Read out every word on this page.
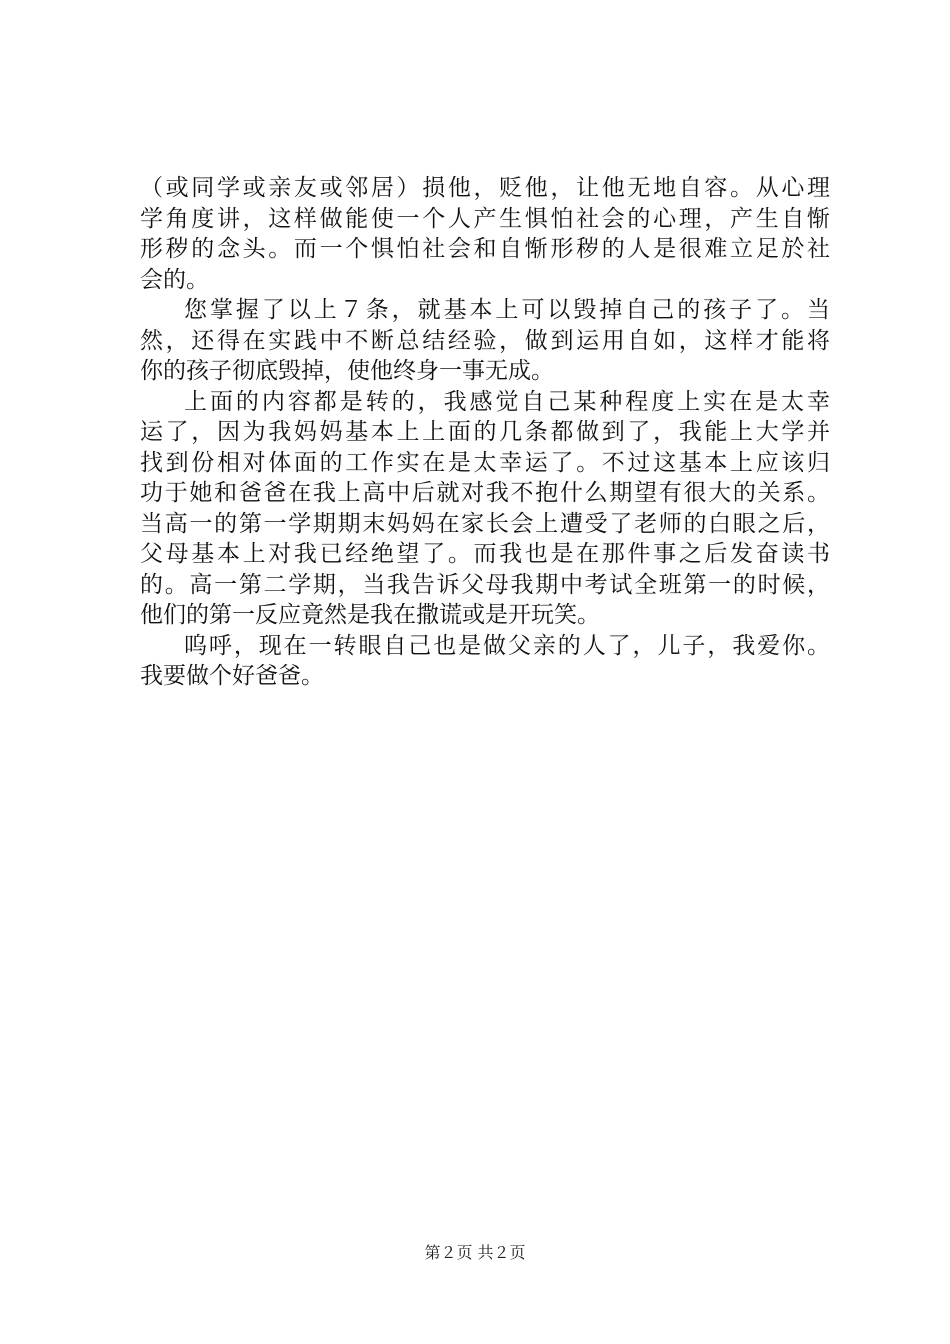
（或同学或亲友或邻居）损他，贬他，让他无地自容。从心理
学角度讲，这样做能使一个人产生惧怕社会的心理，产生自惭
形秽的念头。而一个惧怕社会和自惭形秽的人是很难立足於社
会的。
您掌握了以上７条，就基本上可以毁掉自己的孩子了。当
然，还得在实践中不断总结经验，做到运用自如，这样才能将
你的孩子彻底毁掉，使他终身一事无成。
上面的内容都是转的，我感觉自己某种程度上实在是太幸
运了，因为我妈妈基本上上面的几条都做到了，我能上大学并
找到份相对体面的工作实在是太幸运了。不过这基本上应该归
功于她和爸爸在我上高中后就对我不抱什么期望有很大的关系。
当高一的第一学期期末妈妈在家长会上遭受了老师的白眼之后，
父母基本上对我已经绝望了。而我也是在那件事之后发奋读书
的。高一第二学期，当我告诉父母我期中考试全班第一的时候，
他们的第一反应竟然是我在撒谎或是开玩笑。
呜呼，现在一转眼自己也是做父亲的人了，儿子，我爱你。
我要做个好爸爸。
第２页 共２页
